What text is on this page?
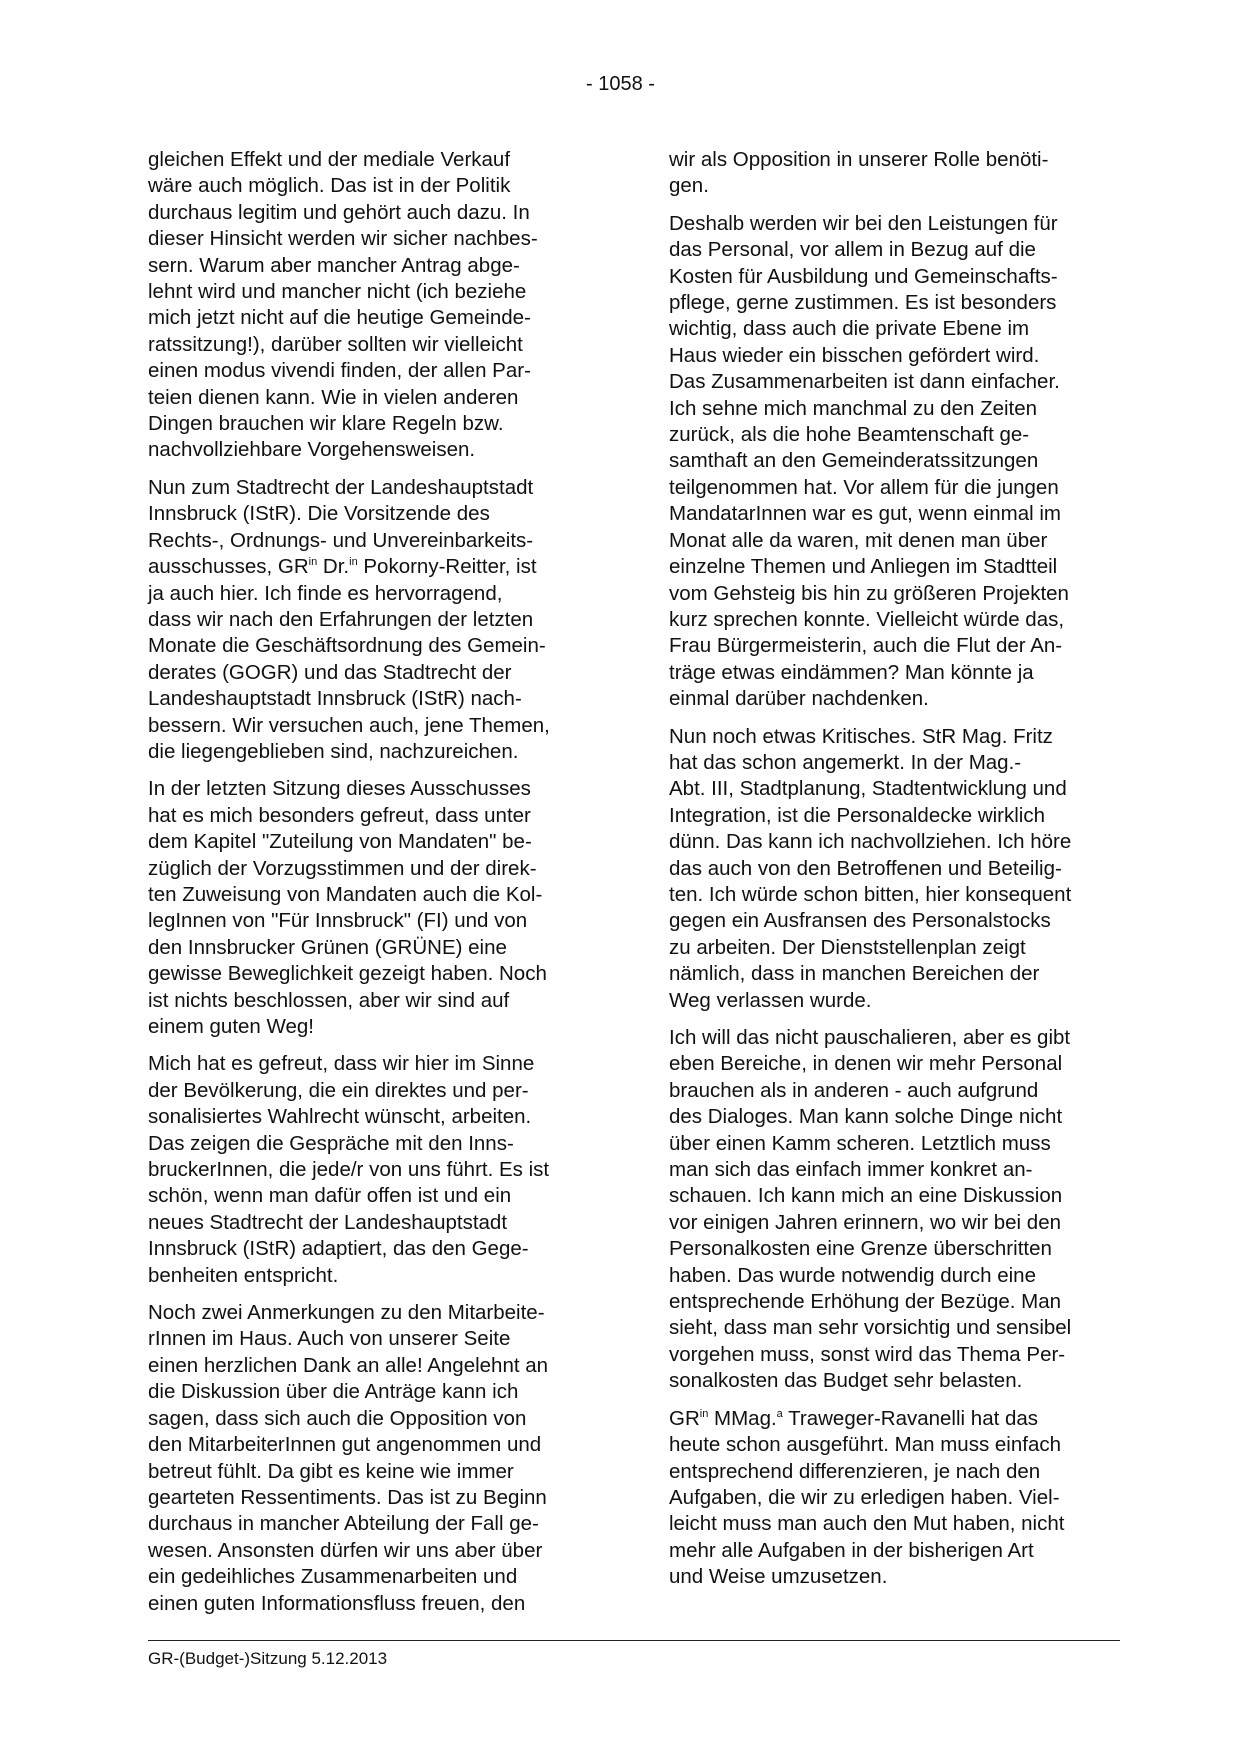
- 1058 -
gleichen Effekt und der mediale Verkauf
wäre auch möglich. Das ist in der Politik
durchaus legitim und gehört auch dazu. In
dieser Hinsicht werden wir sicher nachbes-
sern. Warum aber mancher Antrag abge-
lehnt wird und mancher nicht (ich beziehe
mich jetzt nicht auf die heutige Gemeinde-
ratssitzung!), darüber sollten wir vielleicht
einen modus vivendi finden, der allen Par-
teien dienen kann. Wie in vielen anderen
Dingen brauchen wir klare Regeln bzw.
nachvollziehbare Vorgehensweisen.
Nun zum Stadtrecht der Landeshauptstadt
Innsbruck (IStR). Die Vorsitzende des
Rechts-, Ordnungs- und Unvereinbarkeits-
ausschusses, $GR^{in}$ Dr.$^{in}$ Pokorny-Reitter, ist
ja auch hier. Ich finde es hervorragend,
dass wir nach den Erfahrungen der letzten
Monate die Geschäftsordnung des Gemein-
derates (GOGR) und das Stadtrecht der
Landeshauptstadt Innsbruck (IStR) nach-
bessern. Wir versuchen auch, jene Themen,
die liegengeblieben sind, nachzureichen.
In der letzten Sitzung dieses Ausschusses
hat es mich besonders gefreut, dass unter
dem Kapitel "Zuteilung von Mandaten" be-
züglich der Vorzugsstimmen und der direk-
ten Zuweisung von Mandaten auch die Kol-
legInnen von "Für Innsbruck" (FI) und von
den Innsbrucker Grünen (GRÜNE) eine
gewisse Beweglichkeit gezeigt haben. Noch
ist nichts beschlossen, aber wir sind auf
einem guten Weg!
Mich hat es gefreut, dass wir hier im Sinne
der Bevölkerung, die ein direktes und per-
sonalisiertes Wahlrecht wünscht, arbeiten.
Das zeigen die Gespräche mit den Inns-
bruckerInnen, die jede/r von uns führt. Es ist
schön, wenn man dafür offen ist und ein
neues Stadtrecht der Landeshauptstadt
Innsbruck (IStR) adaptiert, das den Gege-
benheiten entspricht.
Noch zwei Anmerkungen zu den Mitarbeite-
rInnen im Haus. Auch von unserer Seite
einen herzlichen Dank an alle! Angelehnt an
die Diskussion über die Anträge kann ich
sagen, dass sich auch die Opposition von
den MitarbeiterInnen gut angenommen und
betreut fühlt. Da gibt es keine wie immer
gearteten Ressentiments. Das ist zu Beginn
durchaus in mancher Abteilung der Fall ge-
wesen. Ansonsten dürfen wir uns aber über
ein gedeihliches Zusammenarbeiten und
einen guten Informationsfluss freuen, den
wir als Opposition in unserer Rolle benöti-
gen.
Deshalb werden wir bei den Leistungen für
das Personal, vor allem in Bezug auf die
Kosten für Ausbildung und Gemeinschafts-
pflege, gerne zustimmen. Es ist besonders
wichtig, dass auch die private Ebene im
Haus wieder ein bisschen gefördert wird.
Das Zusammenarbeiten ist dann einfacher.
Ich sehne mich manchmal zu den Zeiten
zurück, als die hohe Beamtenschaft ge-
samthaft an den Gemeinderatssitzungen
teilgenommen hat. Vor allem für die jungen
MandatarInnen war es gut, wenn einmal im
Monat alle da waren, mit denen man über
einzelne Themen und Anliegen im Stadtteil
vom Gehsteig bis hin zu größeren Projekten
kurz sprechen konnte. Vielleicht würde das,
Frau Bürgermeisterin, auch die Flut der An-
träge etwas eindämmen? Man könnte ja
einmal darüber nachdenken.
Nun noch etwas Kritisches. StR Mag. Fritz
hat das schon angemerkt. In der Mag.-
Abt. III, Stadtplanung, Stadtentwicklung und
Integration, ist die Personaldecke wirklich
dünn. Das kann ich nachvollziehen. Ich höre
das auch von den Betroffenen und Beteilig-
ten. Ich würde schon bitten, hier konsequent
gegen ein Ausfransen des Personalstocks
zu arbeiten. Der Dienststellenplan zeigt
nämlich, dass in manchen Bereichen der
Weg verlassen wurde.
Ich will das nicht pauschalieren, aber es gibt
eben Bereiche, in denen wir mehr Personal
brauchen als in anderen - auch aufgrund
des Dialoges. Man kann solche Dinge nicht
über einen Kamm scheren. Letztlich muss
man sich das einfach immer konkret an-
schauen. Ich kann mich an eine Diskussion
vor einigen Jahren erinnern, wo wir bei den
Personalkosten eine Grenze überschritten
haben. Das wurde notwendig durch eine
entsprechende Erhöhung der Bezüge. Man
sieht, dass man sehr vorsichtig und sensibel
vorgehen muss, sonst wird das Thema Per-
sonalkosten das Budget sehr belasten.
$GR^{in}$ MMag.$^a$ Traweger-Ravanelli hat das
heute schon ausgeführt. Man muss einfach
entsprechend differenzieren, je nach den
Aufgaben, die wir zu erledigen haben. Viel-
leicht muss man auch den Mut haben, nicht
mehr alle Aufgaben in der bisherigen Art
und Weise umzusetzen.
GR-(Budget-)Sitzung 5.12.2013
